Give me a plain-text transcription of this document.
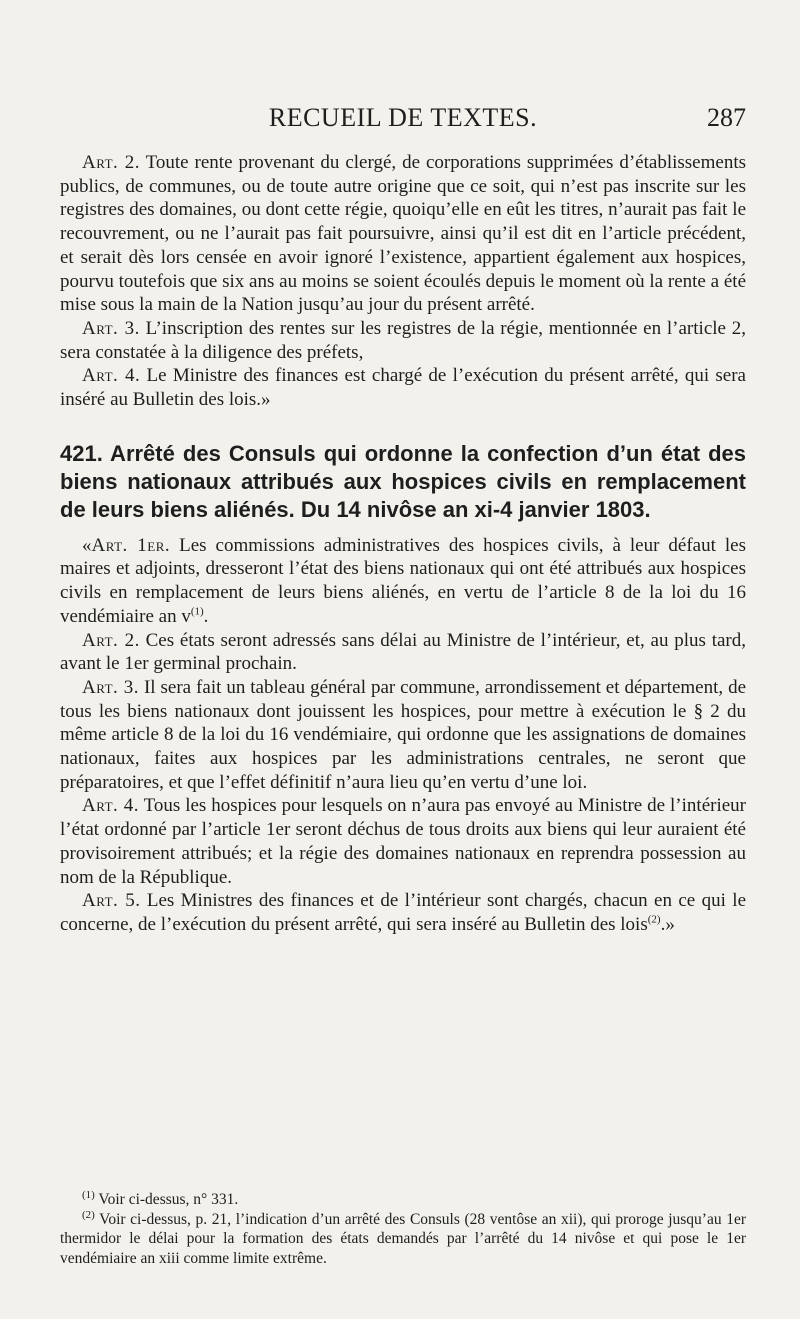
RECUEIL DE TEXTES.	287

Art. 2. Toute rente provenant du clergé, de corporations supprimées d’établissements publics, de communes, ou de toute autre origine que ce soit, qui n’est pas inscrite sur les registres des domaines, ou dont cette régie, quoiqu’elle en eût les titres, n’aurait pas fait le recouvrement, ou ne l’aurait pas fait poursuivre, ainsi qu’il est dit en l’article précédent, et serait dès lors censée en avoir ignoré l’existence, appartient également aux hospices, pourvu toutefois que six ans au moins se soient écoulés depuis le moment où la rente a été mise sous la main de la Nation jusqu’au jour du présent arrêté.

Art. 3. L’inscription des rentes sur les registres de la régie, mentionnée en l’article 2, sera constatée à la diligence des préfets,

Art. 4. Le Ministre des finances est chargé de l’exécution du présent arrêté, qui sera inséré au Bulletin des lois.»

421. Arrêté des Consuls qui ordonne la confection d’un état des biens nationaux attribués aux hospices civils en remplacement de leurs biens aliénés. Du 14 nivôse an xi-4 janvier 1803.

«Art. 1er. Les commissions administratives des hospices civils, à leur défaut les maires et adjoints, dresseront l’état des biens nationaux qui ont été attribués aux hospices civils en remplacement de leurs biens aliénés, en vertu de l’article 8 de la loi du 16 vendémiaire an $v^{(1)}$.

Art. 2. Ces états seront adressés sans délai au Ministre de l’intérieur, et, au plus tard, avant le 1er germinal prochain.

Art. 3. Il sera fait un tableau général par commune, arrondissement et département, de tous les biens nationaux dont jouissent les hospices, pour mettre à exécution le § 2 du même article 8 de la loi du 16 vendémiaire, qui ordonne que les assignations de domaines nationaux, faites aux hospices par les administrations centrales, ne seront que préparatoires, et que l’effet définitif n’aura lieu qu’en vertu d’une loi.

Art. 4. Tous les hospices pour lesquels on n’aura pas envoyé au Ministre de l’intérieur l’état ordonné par l’article 1er seront déchus de tous droits aux biens qui leur auraient été provisoirement attribués; et la régie des domaines nationaux en reprendra possession au nom de la République.

Art. 5. Les Ministres des finances et de l’intérieur sont chargés, chacun en ce qui le concerne, de l’exécution du présent arrêté, qui sera inséré au Bulletin des lois$^{(2)}$.»

$^{(1)}$ Voir ci-dessus, n° 331.

$^{(2)}$ Voir ci-dessus, p. 21, l’indication d’un arrêté des Consuls (28 ventôse an xii), qui proroge jusqu’au 1er thermidor le délai pour la formation des états demandés par l’arrêté du 14 nivôse et qui pose le 1er vendémiaire an xiii comme limite extrême.
